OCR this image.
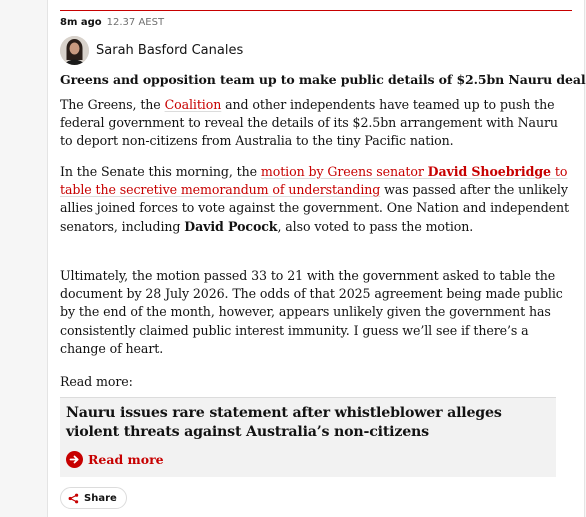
8m ago 12.37 AEST
Sarah Basford Canales
Greens and opposition team up to make public details of $2.5bn Nauru deal
The Greens, the Coalition and other independents have teamed up to push the federal government to reveal the details of its $2.5bn arrangement with Nauru to deport non-citizens from Australia to the tiny Pacific nation.
In the Senate this morning, the motion by Greens senator David Shoebridge to table the secretive memorandum of understanding was passed after the unlikely allies joined forces to vote against the government. One Nation and independent senators, including David Pocock, also voted to pass the motion.
Ultimately, the motion passed 33 to 21 with the government asked to table the document by 28 July 2026. The odds of that 2025 agreement being made public by the end of the month, however, appears unlikely given the government has consistently claimed public interest immunity. I guess we’ll see if there’s a change of heart.
Read more:
Nauru issues rare statement after whistleblower alleges violent threats against Australia’s non-citizens
Read more
Share
